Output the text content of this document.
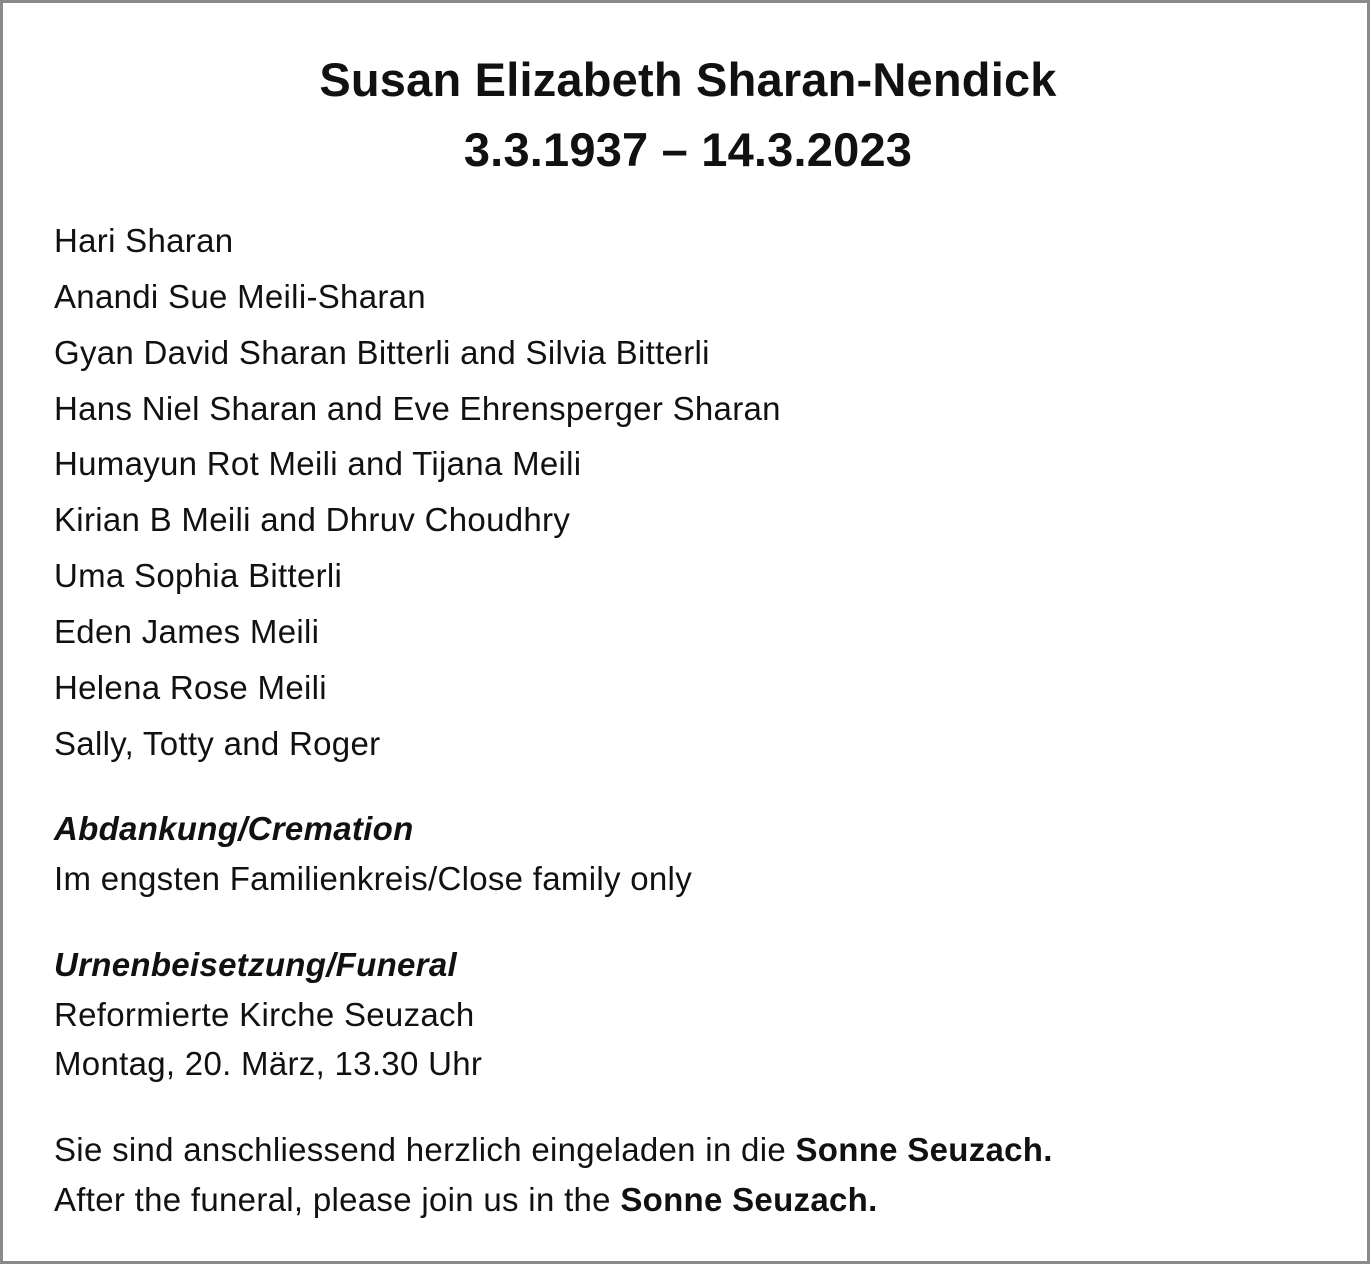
Susan Elizabeth Sharan-Nendick
3.3.1937 – 14.3.2023
Hari Sharan
Anandi Sue Meili-Sharan
Gyan David Sharan Bitterli and Silvia Bitterli
Hans Niel Sharan and Eve Ehrensperger Sharan
Humayun Rot Meili and Tijana Meili
Kirian B Meili and Dhruv Choudhry
Uma Sophia Bitterli
Eden James Meili
Helena Rose Meili
Sally, Totty and Roger
Abdankung/Cremation
Im engsten Familienkreis/Close family only
Urnenbeisetzung/Funeral
Reformierte Kirche Seuzach
Montag, 20. März, 13.30 Uhr
Sie sind anschliessend herzlich eingeladen in die Sonne Seuzach.
After the funeral, please join us in the Sonne Seuzach.
